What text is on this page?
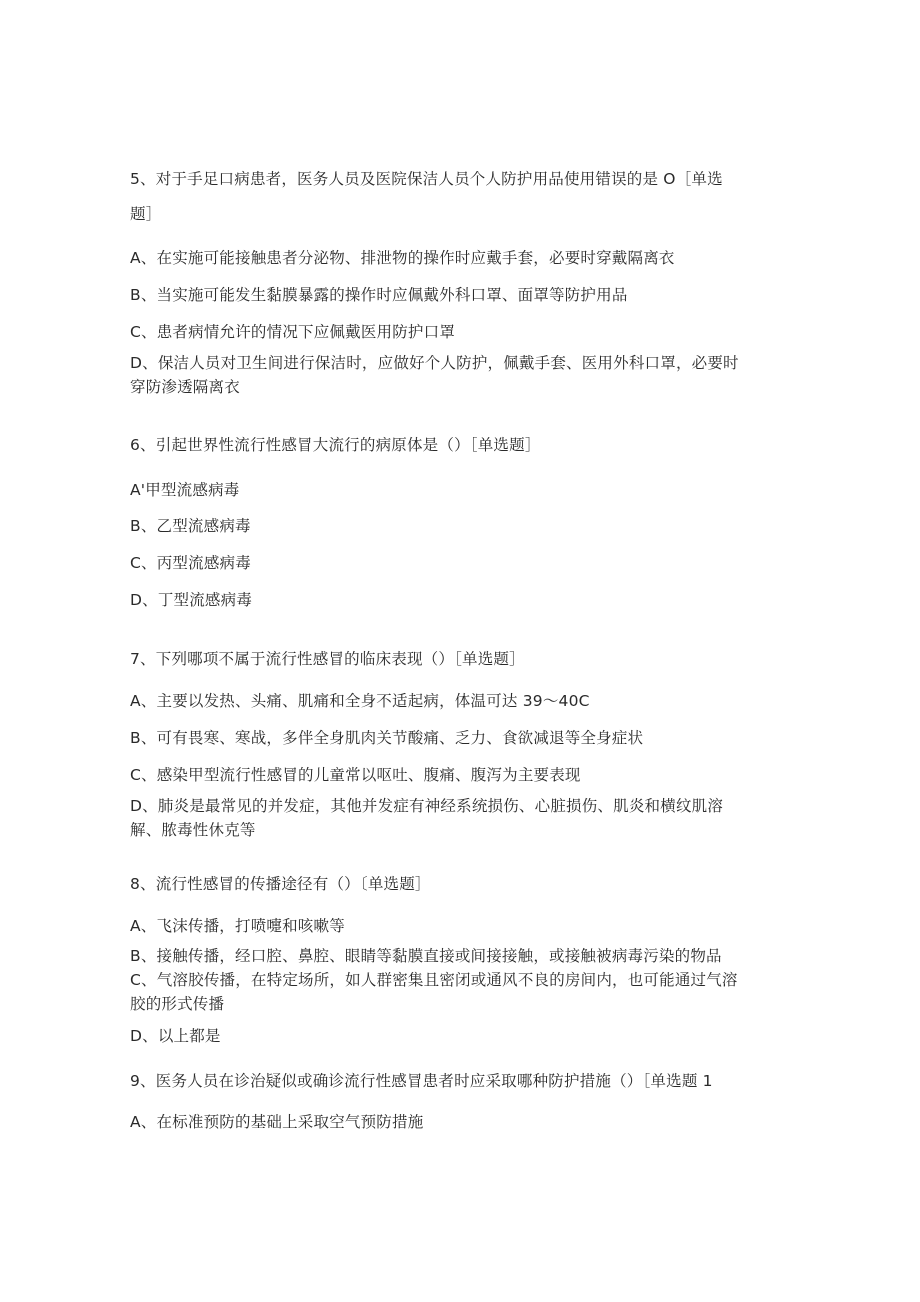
5、对于手足口病患者，医务人员及医院保洁人员个人防护用品使用错误的是 O［单选

题］

A、在实施可能接触患者分泌物、排泄物的操作时应戴手套，必要时穿戴隔离衣

B、当实施可能发生黏膜暴露的操作时应佩戴外科口罩、面罩等防护用品

C、患者病情允许的情况下应佩戴医用防护口罩

D、保洁人员对卫生间进行保洁时，应做好个人防护，佩戴手套、医用外科口罩，必要时

穿防渗透隔离衣

6、引起世界性流行性感冒大流行的病原体是（）［单选题］

A'甲型流感病毒

B、乙型流感病毒

C、丙型流感病毒

D、丁型流感病毒

7、下列哪项不属于流行性感冒的临床表现（）［单选题］

A、主要以发热、头痛、肌痛和全身不适起病，体温可达 39～40C

B、可有畏寒、寒战，多伴全身肌肉关节酸痛、乏力、食欲减退等全身症状

C、感染甲型流行性感冒的儿童常以呕吐、腹痛、腹泻为主要表现

D、肺炎是最常见的并发症，其他并发症有神经系统损伤、心脏损伤、肌炎和横纹肌溶

解、脓毒性休克等

8、流行性感冒的传播途径有（）〔单选题］

A、飞沫传播，打喷嚏和咳嗽等

B、接触传播，经口腔、鼻腔、眼睛等黏膜直接或间接接触，或接触被病毒污染的物品

C、气溶胶传播，在特定场所，如人群密集且密闭或通风不良的房间内，也可能通过气溶

胶的形式传播

D、以上都是

9、医务人员在诊治疑似或确诊流行性感冒患者时应采取哪种防护措施（）［单选题 1

A、在标准预防的基础上采取空气预防措施
